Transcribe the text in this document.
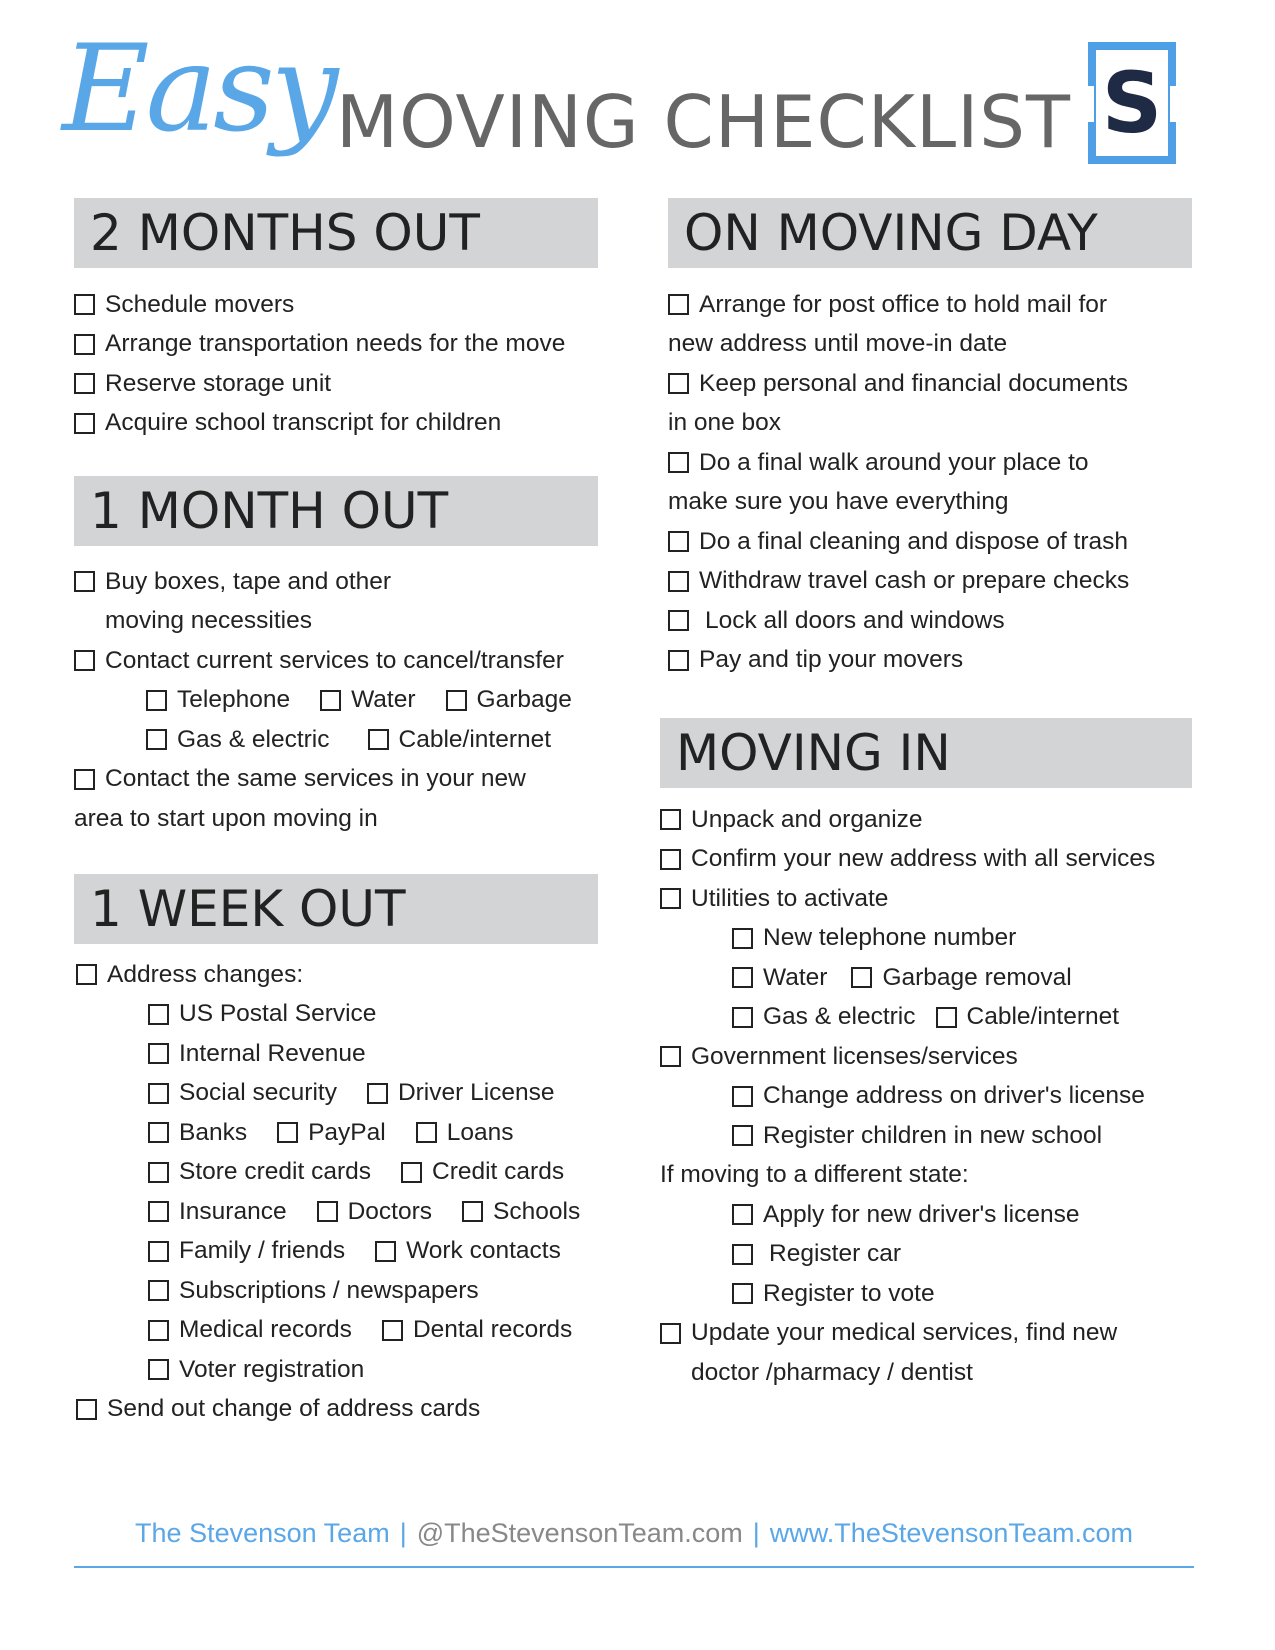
Easy MOVING CHECKLIST S
2 MONTHS OUT
Schedule movers
Arrange transportation needs for the move
Reserve storage unit
Acquire school transcript for children
1 MONTH OUT
Buy boxes, tape and other
moving necessities
Contact current services to cancel/transfer
Telephone Water Garbage
Gas & electric	Cable/internet
Contact the same services in your new
area to start upon moving in
1 WEEK OUT
Address changes:
US Postal Service
Internal Revenue
Social security Driver License
Banks PayPal Loans
Store credit cards Credit cards
Insurance Doctors Schools
Family / friends Work contacts
Subscriptions / newspapers
Medical records Dental records
Voter registration
Send out change of address cards
ON MOVING DAY
Arrange for post office to hold mail for
new address until move-in date
Keep personal and financial documents
in one box
Do a final walk around your place to
make sure you have everything
Do a final cleaning and dispose of trash
Withdraw travel cash or prepare checks
Lock all doors and windows
Pay and tip your movers
MOVING IN
Unpack and organize
Confirm your new address with all services
Utilities to activate
New telephone number
Water Garbage removal
Gas & electric Cable/internet
Government licenses/services
Change address on driver's license
Register children in new school
If moving to a different state:
Apply for new driver's license
Register car
Register to vote
Update your medical services, find new
doctor /pharmacy / dentist
The Stevenson Team | @TheStevensonTeam.com | www.TheStevensonTeam.com
